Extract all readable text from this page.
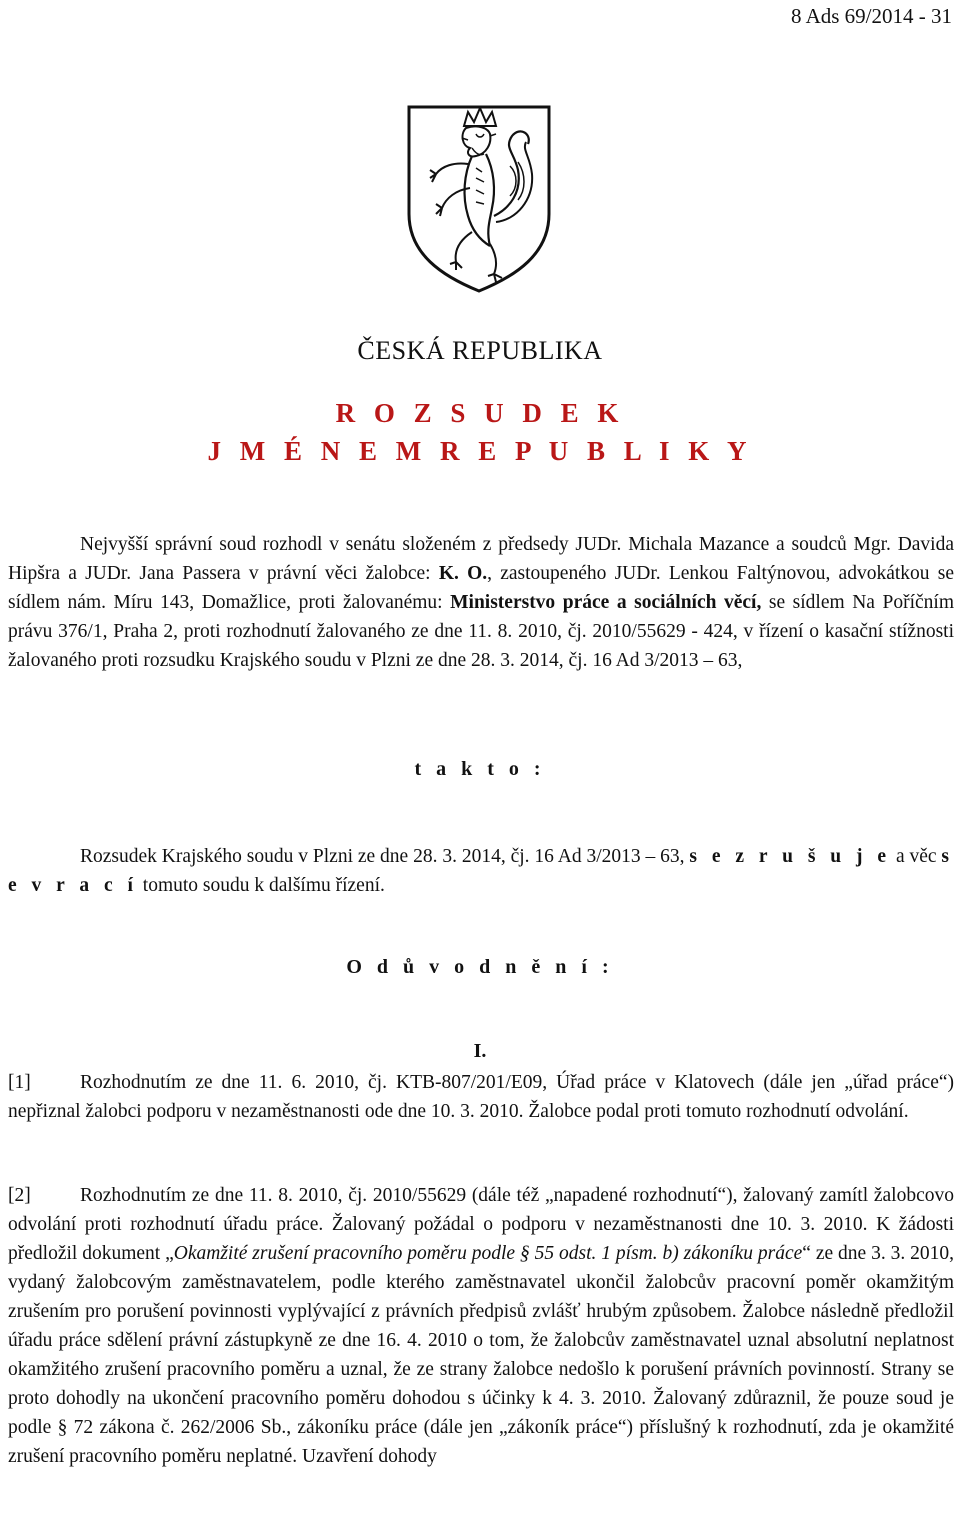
8 Ads 69/2014 - 31
ČESKÁ REPUBLIKA
R O Z S U D E K
J M É N E M R E P U B L I K Y
Nejvyšší správní soud rozhodl v senátu složeném z předsedy JUDr. Michala Mazance a soudců Mgr. Davida Hipšra a JUDr. Jana Passera v právní věci žalobce: K. O., zastoupeného JUDr. Lenkou Faltýnovou, advokátkou se sídlem nám. Míru 143, Domažlice, proti žalovanému: Ministerstvo práce a sociálních věcí, se sídlem Na Poříčním právu 376/1, Praha 2, proti rozhodnutí žalovaného ze dne 11. 8. 2010, čj. 2010/55629 - 424, v řízení o kasační stížnosti žalovaného proti rozsudku Krajského soudu v Plzni ze dne 28. 3. 2014, čj. 16 Ad 3/2013 – 63,
t a k t o :
Rozsudek Krajského soudu v Plzni ze dne 28. 3. 2014, čj. 16 Ad 3/2013 – 63, s e z r u š u j e a věc s e v r a c í tomuto soudu k dalšímu řízení.
O d ů v o d n ě n í :
I.
[1]	Rozhodnutím ze dne 11. 6. 2010, čj. KTB-807/201/E09, Úřad práce v Klatovech (dále jen „úřad práce“) nepřiznal žalobci podporu v nezaměstnanosti ode dne 10. 3. 2010. Žalobce podal proti tomuto rozhodnutí odvolání.
[2]	Rozhodnutím ze dne 11. 8. 2010, čj. 2010/55629 (dále též „napadené rozhodnutí“), žalovaný zamítl žalobcovo odvolání proti rozhodnutí úřadu práce. Žalovaný požádal o podporu v nezaměstnanosti dne 10. 3. 2010. K žádosti předložil dokument „Okamžité zrušení pracovního poměru podle § 55 odst. 1 písm. b) zákoníku práce“ ze dne 3. 3. 2010, vydaný žalobcovým zaměstnavatelem, podle kterého zaměstnavatel ukončil žalobcův pracovní poměr okamžitým zrušením pro porušení povinnosti vyplývající z právních předpisů zvlášť hrubým způsobem. Žalobce následně předložil úřadu práce sdělení právní zástupkyně ze dne 16. 4. 2010 o tom, že žalobcův zaměstnavatel uznal absolutní neplatnost okamžitého zrušení pracovního poměru a uznal, že ze strany žalobce nedošlo k porušení právních povinností. Strany se proto dohodly na ukončení pracovního poměru dohodou s účinky k 4. 3. 2010. Žalovaný zdůraznil, že pouze soud je podle § 72 zákona č. 262/2006 Sb., zákoníku práce (dále jen „zákoník práce“) příslušný k rozhodnutí, zda je okamžité zrušení pracovního poměru neplatné. Uzavření dohody
